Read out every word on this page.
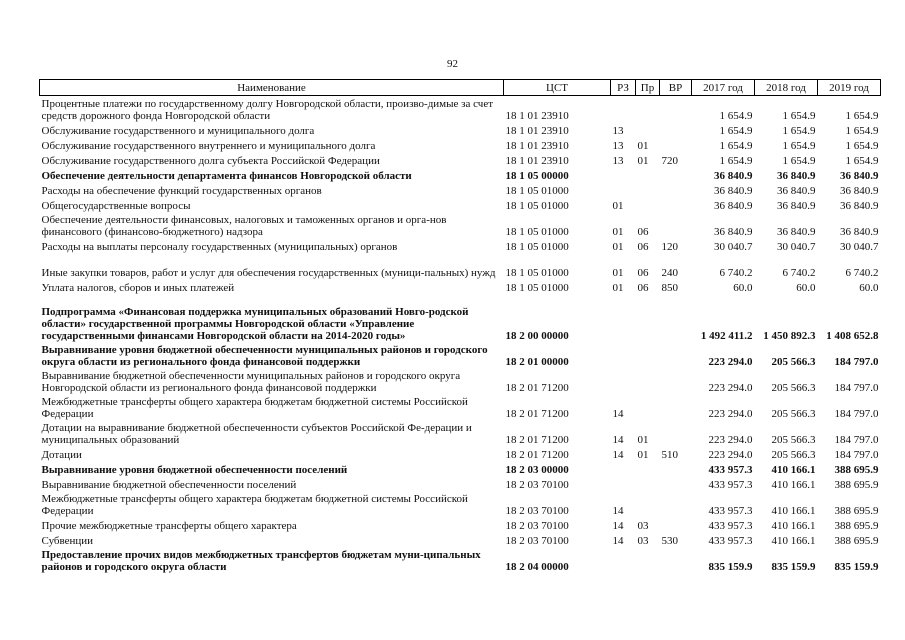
92
Наименование	ЦСТ	РЗ	Пр	ВР	2017 год	2018 год	2019 год
Процентные платежи по государственному долгу Новгородской области, произво-димые за счет средств дорожного фонда Новгородской области	18 1 01 23910				1 654.9	1 654.9	1 654.9
Обслуживание государственного и муниципального долга	18 1 01 23910	13			1 654.9	1 654.9	1 654.9
Обслуживание государственного внутреннего и муниципального долга	18 1 01 23910	13	01		1 654.9	1 654.9	1 654.9
Обслуживание государственного долга субъекта Российской Федерации	18 1 01 23910	13	01	720	1 654.9	1 654.9	1 654.9
Обеспечение деятельности департамента финансов Новгородской области	18 1 05 00000				36 840.9	36 840.9	36 840.9
Расходы на обеспечение функций государственных органов	18 1 05 01000				36 840.9	36 840.9	36 840.9
Общегосударственные вопросы	18 1 05 01000	01			36 840.9	36 840.9	36 840.9
Обеспечение деятельности финансовых, налоговых и таможенных органов и орга-нов финансового (финансово-бюджетного) надзора	18 1 05 01000	01	06		36 840.9	36 840.9	36 840.9
Расходы на выплаты персоналу государственных (муниципальных) органов	18 1 05 01000	01	06	120	30 040.7	30 040.7	30 040.7
Иные закупки товаров, работ и услуг для обеспечения государственных (муници-пальных) нужд	18 1 05 01000	01	06	240	6 740.2	6 740.2	6 740.2
Уплата налогов, сборов и иных платежей	18 1 05 01000	01	06	850	60.0	60.0	60.0
Подпрограмма «Финансовая поддержка муниципальных образований Новго-родской области» государственной программы Новгородской области «Управление государственными финансами Новгородской области на 2014-2020 годы»	18 2 00 00000				1 492 411.2	1 450 892.3	1 408 652.8
Выравнивание уровня бюджетной обеспеченности муниципальных районов и городского округа области из регионального фонда финансовой поддержки	18 2 01 00000				223 294.0	205 566.3	184 797.0
Выравнивание бюджетной обеспеченности муниципальных районов и городского округа Новгородской области из регионального фонда финансовой поддержки	18 2 01 71200				223 294.0	205 566.3	184 797.0
Межбюджетные трансферты общего характера бюджетам бюджетной системы Российской Федерации	18 2 01 71200	14			223 294.0	205 566.3	184 797.0
Дотации на выравнивание бюджетной обеспеченности субъектов Российской Фе-дерации и муниципальных образований	18 2 01 71200	14	01		223 294.0	205 566.3	184 797.0
Дотации	18 2 01 71200	14	01	510	223 294.0	205 566.3	184 797.0
Выравнивание уровня бюджетной обеспеченности поселений	18 2 03 00000				433 957.3	410 166.1	388 695.9
Выравнивание бюджетной обеспеченности поселений	18 2 03 70100				433 957.3	410 166.1	388 695.9
Межбюджетные трансферты общего характера бюджетам бюджетной системы Российской Федерации	18 2 03 70100	14			433 957.3	410 166.1	388 695.9
Прочие межбюджетные трансферты общего характера	18 2 03 70100	14	03		433 957.3	410 166.1	388 695.9
Субвенции	18 2 03 70100	14	03	530	433 957.3	410 166.1	388 695.9
Предоставление прочих видов межбюджетных трансфертов бюджетам муни-ципальных районов и городского округа области	18 2 04 00000				835 159.9	835 159.9	835 159.9
